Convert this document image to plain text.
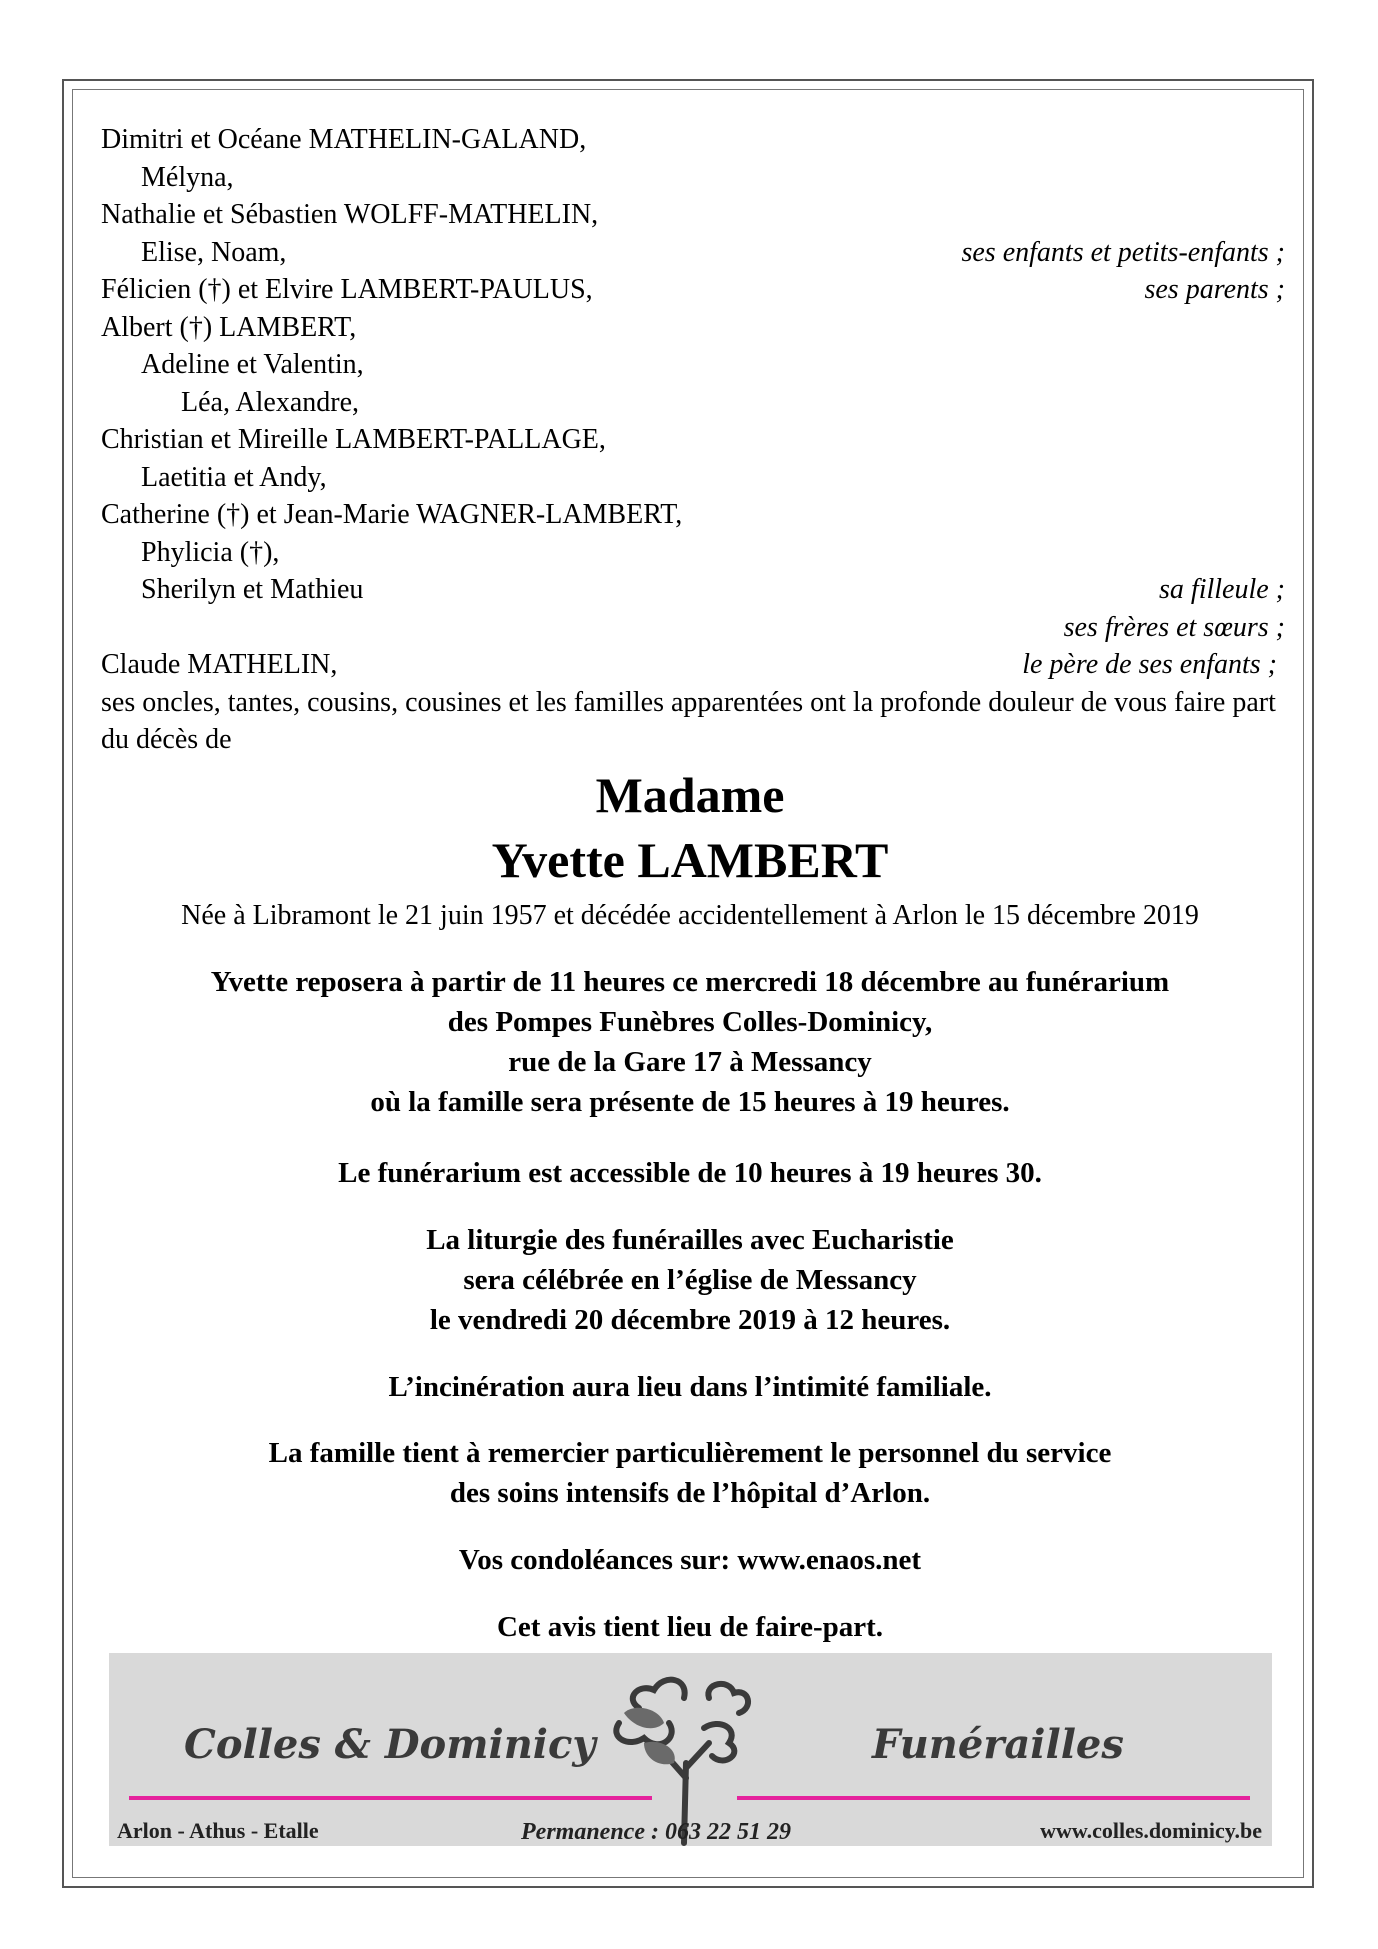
Dimitri et Océane MATHELIN-GALAND,
Mélyna,
Nathalie et Sébastien WOLFF-MATHELIN,
Elise, Noam,	ses enfants et petits-enfants ;
Félicien (†) et Elvire LAMBERT-PAULUS,	ses parents ;
Albert (†) LAMBERT,
Adeline et Valentin,
Léa, Alexandre,
Christian et Mireille LAMBERT-PALLAGE,
Laetitia et Andy,
Catherine (†) et Jean-Marie WAGNER-LAMBERT,
Phylicia (†),
Sherilyn et Mathieu	sa filleule ;
ses frères et sœurs ;
Claude MATHELIN,	le père de ses enfants ;
ses oncles, tantes, cousins, cousines et les familles apparentées ont la profonde douleur de vous faire part du décès de
Madame
Yvette LAMBERT
Née à Libramont le 21 juin 1957 et décédée accidentellement à Arlon le 15 décembre 2019
Yvette reposera à partir de 11 heures ce mercredi 18 décembre au funérarium
des Pompes Funèbres Colles-Dominicy,
rue de la Gare 17 à Messancy
où la famille sera présente de 15 heures à 19 heures.
Le funérarium est accessible de 10 heures à 19 heures 30.
La liturgie des funérailles avec Eucharistie
sera célébrée en l’église de Messancy
le vendredi 20 décembre 2019 à 12 heures.
L’incinération aura lieu dans l’intimité familiale.
La famille tient à remercier particulièrement le personnel du service
des soins intensifs de l’hôpital d’Arlon.
Vos condoléances sur: www.enaos.net
Cet avis tient lieu de faire-part.
Colles & Dominicy	Funérailles
Arlon - Athus - Etalle	Permanence : 063 22 51 29	www.colles.dominicy.be
